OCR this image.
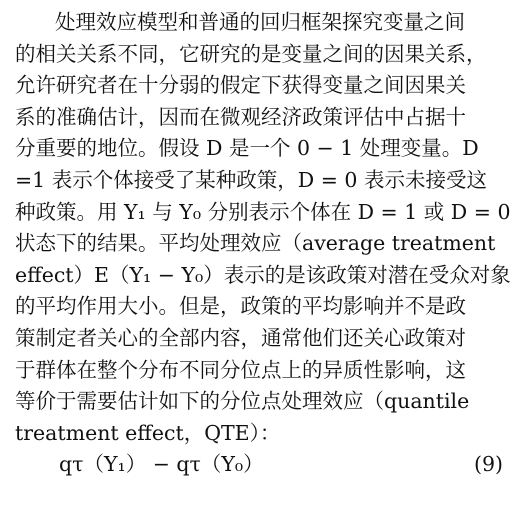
处理效应模型和普通的回归框架探究变量之间
的相关关系不同，它研究的是变量之间的因果关系，
允许研究者在十分弱的假定下获得变量之间因果关
系的准确估计，因而在微观经济政策评估中占据十
分重要的地位。假设 D 是一个 0 − 1 处理变量。D
=1 表示个体接受了某种政策，D = 0 表示未接受这
种政策。用 Y₁ 与 Y₀ 分别表示个体在 D = 1 或 D = 0
状态下的结果。平均处理效应（average treatment
effect）E（Y₁ − Y₀）表示的是该政策对潜在受众对象
的平均作用大小。但是，政策的平均影响并不是政
策制定者关心的全部内容，通常他们还关心政策对
于群体在整个分布不同分位点上的异质性影响，这
等价于需要估计如下的分位点处理效应（quantile
treatment effect，QTE）：
qτ（Y₁） − qτ（Y₀）	(9)
